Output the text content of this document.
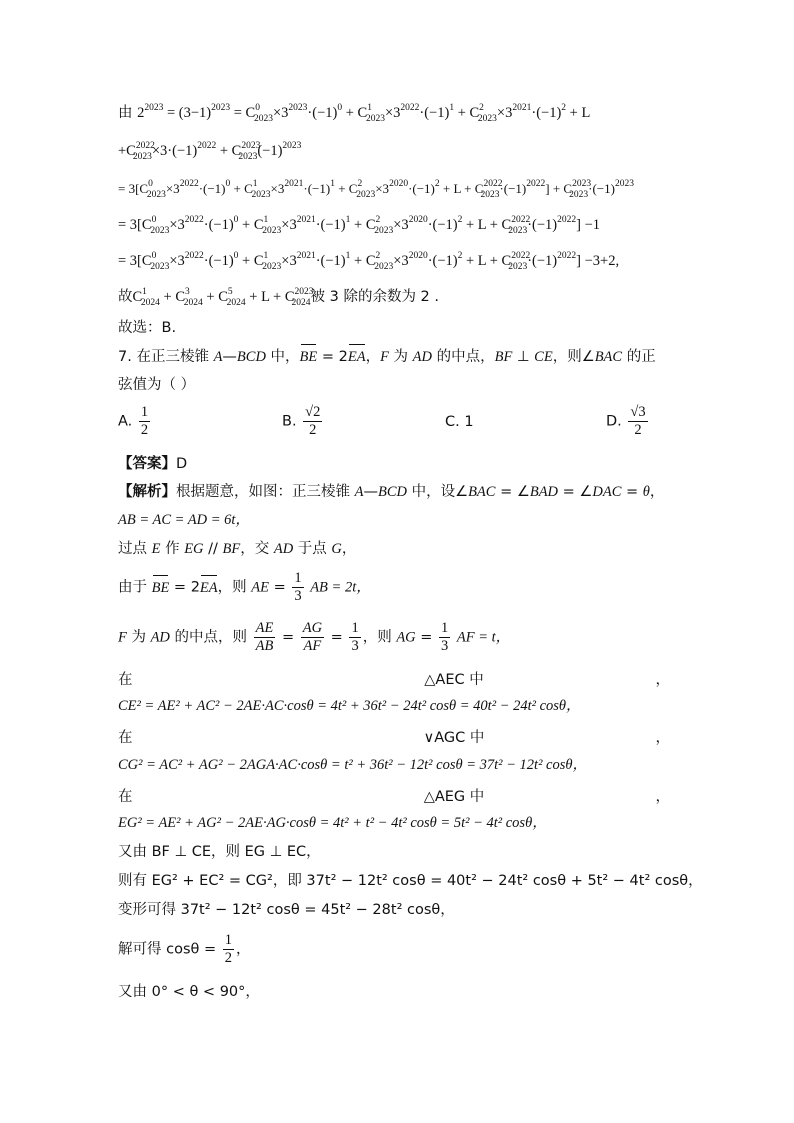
由 $2^{2023} = (3-1)^{2023} = C^0_{2023}\times 3^{2023}\cdot(-1)^0 + C^1_{2023}\times 3^{2022}\cdot(-1)^1 + C^2_{2023}\times 3^{2021}\cdot(-1)^2 + L$
$+C^{2022}_{2023}\times 3\cdot(-1)^{2022} + C^{2023}_{2023}(-1)^{2023}$
= $3[C^0_{2023}\times 3^{2022}\cdot(-1)^0 + C^1_{2023}\times 3^{2021}\cdot(-1)^1 + C^2_{2023}\times 3^{2020}\cdot(-1)^2 + L + C^{2022}_{2023}\cdot(-1)^{2022}] + C^{2023}_{2023}\cdot(-1)^{2023}$
= $3[C^0_{2023}\times 3^{2022}\cdot(-1)^0 + C^1_{2023}\times 3^{2021}\cdot(-1)^1 + C^2_{2023}\times 3^{2020}\cdot(-1)^2 + L + C^{2022}_{2023}\cdot(-1)^{2022}] -1$
= $3[C^0_{2023}\times 3^{2022}\cdot(-1)^0 + C^1_{2023}\times 3^{2021}\cdot(-1)^1 + C^2_{2023}\times 3^{2020}\cdot(-1)^2 + L + C^{2022}_{2023}\cdot(-1)^{2022}] -3+2$,
故$C^1_{2024} + C^3_{2024} + C^5_{2024} + L + C^{2023}_{2024}$被 3 除的余数为 2 .
故选：B.
7. 在正三棱锥 A—BCD 中，BE = 2EA，F 为 AD 的中点，BF ⊥ CE，则∠BAC 的正
弦值为（ ）
A. $\frac{1}{2}$	B. $\frac{√2}{2}$	C. 1	D. $\frac{√3}{2}$
【答案】D
【解析】根据题意，如图：正三棱锥 A—BCD 中，设∠BAC = ∠BAD = ∠DAC = θ，
AB = AC = AD = 6t，
过点 E 作 EG // BF，交 AD 于点 G，
由于 BE = 2EA，则 AE = $\frac{1}{3}$ AB = 2t，
F 为 AD 的中点，则 $\frac{AE}{AB} = \frac{AG}{AF} = \frac{1}{3}$ ，则 AG = $\frac{1}{3}$ AF = t，
在	△AEC 中	，
CE² = AE² + AC² − 2AE·AC·cosθ = 4t² + 36t² − 24t² cosθ = 40t² − 24t² cosθ，
在	∨AGC 中	，
CG² = AC² + AG² − 2AGA·AC·cosθ = t² + 36t² − 12t² cosθ = 37t² − 12t² cosθ，
在	△AEG 中	，
EG² = AE² + AG² − 2AE·AG·cosθ = 4t² + t² − 4t² cosθ = 5t² − 4t² cosθ，
又由 BF ⊥ CE，则 EG ⊥ EC，
则有 EG² + EC² = CG²，即 37t² − 12t² cosθ = 40t² − 24t² cosθ + 5t² − 4t² cosθ，
变形可得 37t² − 12t² cosθ = 45t² − 28t² cosθ，
解可得 $\cos\theta = \frac{1}{2}$ ，
又由 0° < θ < 90°，
